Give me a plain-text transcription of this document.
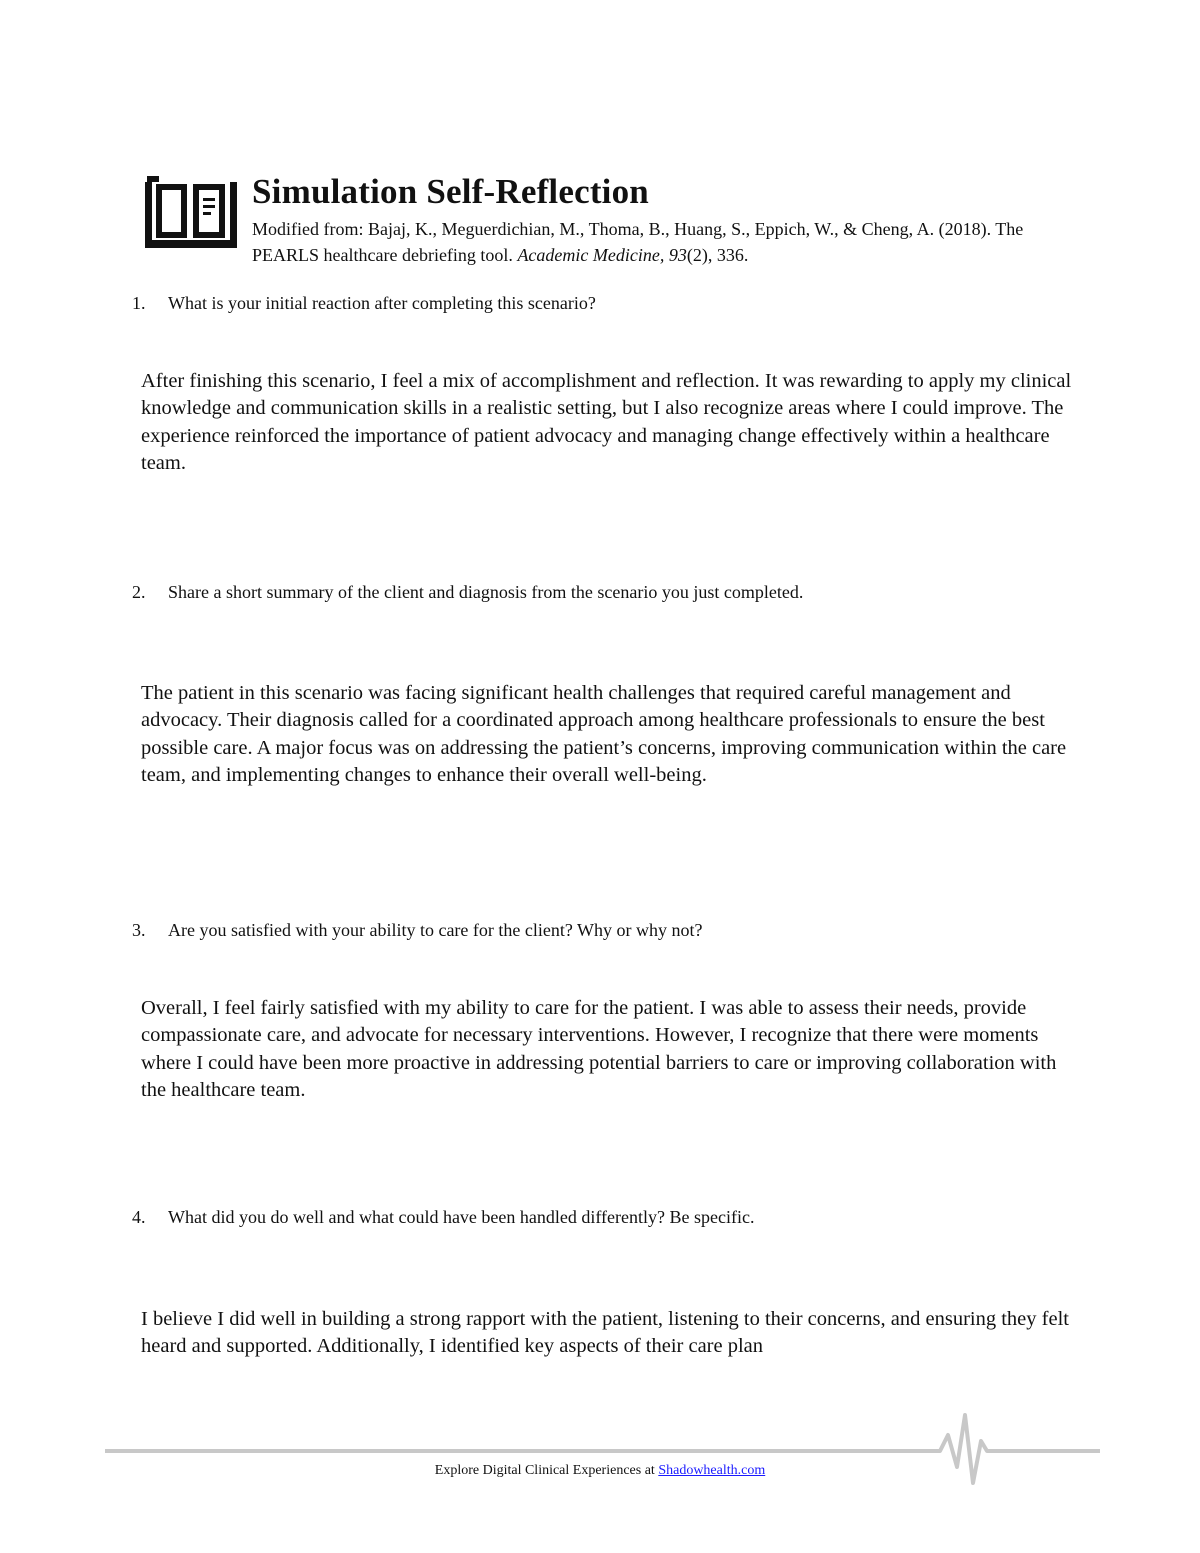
Simulation Self-Reflection

Modified from: Bajaj, K., Meguerdichian, M., Thoma, B., Huang, S., Eppich, W., & Cheng, A. (2018). The PEARLS healthcare debriefing tool. Academic Medicine, 93(2), 336.

1.	What is your initial reaction after completing this scenario?

After finishing this scenario, I feel a mix of accomplishment and reflection. It was rewarding to apply my clinical knowledge and communication skills in a realistic setting, but I also recognize areas where I could improve. The experience reinforced the importance of patient advocacy and managing change effectively within a healthcare team.

2.	Share a short summary of the client and diagnosis from the scenario you just completed.

The patient in this scenario was facing significant health challenges that required careful management and advocacy. Their diagnosis called for a coordinated approach among healthcare professionals to ensure the best possible care. A major focus was on addressing the patient’s concerns, improving communication within the care team, and implementing changes to enhance their overall well-being.

3.	Are you satisfied with your ability to care for the client? Why or why not?

Overall, I feel fairly satisfied with my ability to care for the patient. I was able to assess their needs, provide compassionate care, and advocate for necessary interventions. However, I recognize that there were moments where I could have been more proactive in addressing potential barriers to care or improving collaboration with the healthcare team.

4.	What did you do well and what could have been handled differently? Be specific.

I believe I did well in building a strong rapport with the patient, listening to their concerns, and ensuring they felt heard and supported. Additionally, I identified key aspects of their care plan

Explore Digital Clinical Experiences at Shadowhealth.com
